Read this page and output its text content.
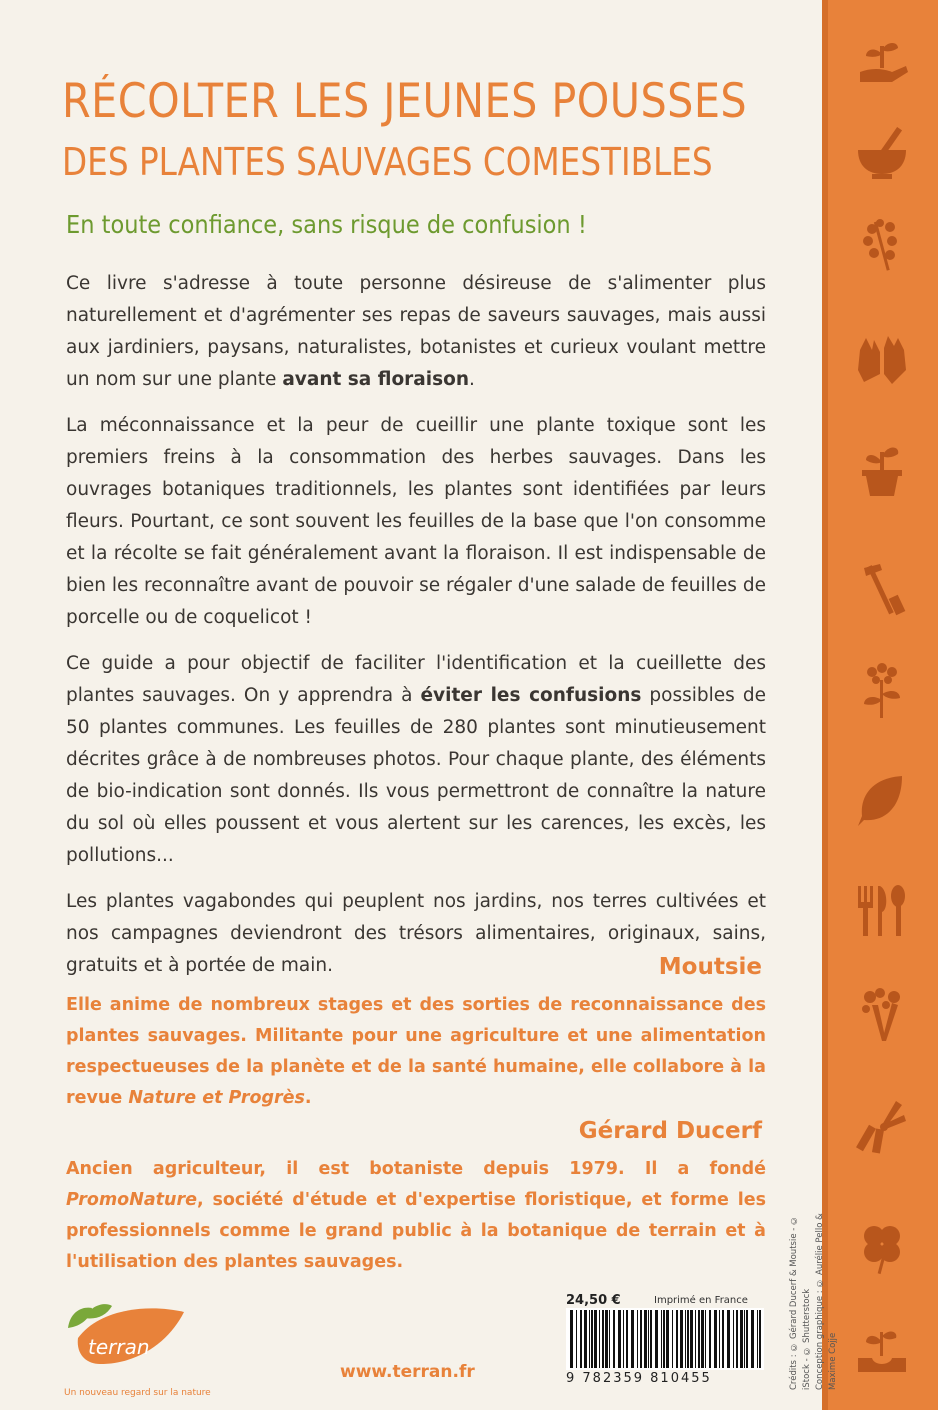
RÉCOLTER LES JEUNES POUSSES
DES PLANTES SAUVAGES COMESTIBLES
En toute confiance, sans risque de confusion !

Ce livre s'adresse à toute personne désireuse de s'alimenter plus naturellement et d'agrémenter ses repas de saveurs sauvages, mais aussi aux jardiniers, paysans, naturalistes, botanistes et curieux voulant mettre un nom sur une plante avant sa floraison.

La méconnaissance et la peur de cueillir une plante toxique sont les premiers freins à la consommation des herbes sauvages. Dans les ouvrages botaniques traditionnels, les plantes sont identifiées par leurs fleurs. Pourtant, ce sont souvent les feuilles de la base que l'on consomme et la récolte se fait généralement avant la floraison. Il est indispensable de bien les reconnaître avant de pouvoir se régaler d'une salade de feuilles de porcelle ou de coquelicot !

Ce guide a pour objectif de faciliter l'identification et la cueillette des plantes sauvages. On y apprendra à éviter les confusions possibles de 50 plantes communes. Les feuilles de 280 plantes sont minutieusement décrites grâce à de nombreuses photos. Pour chaque plante, des éléments de bio-indication sont donnés. Ils vous permettront de connaître la nature du sol où elles poussent et vous alertent sur les carences, les excès, les pollutions...

Les plantes vagabondes qui peuplent nos jardins, nos terres cultivées et nos campagnes deviendront des trésors alimentaires, originaux, sains, gratuits et à portée de main.	Moutsie
Elle anime de nombreux stages et des sorties de reconnaissance des plantes sauvages. Militante pour une agriculture et une alimentation respectueuses de la planète et de la santé humaine, elle collabore à la revue Nature et Progrès.
Gérard Ducerf
Ancien agriculteur, il est botaniste depuis 1979. Il a fondé PromoNature, société d'étude et d'expertise floristique, et forme les professionnels comme le grand public à la botanique de terrain et à l'utilisation des plantes sauvages.	Crédits : © Gérard Ducerf & Moutsie - © iStock - © Shutterstock Conception graphique : © Aurélie Pello & Maxime Cojje
terran
Un nouveau regard sur la nature
www.terran.fr
24,50 €	Imprimé en France
9 782359 810455
